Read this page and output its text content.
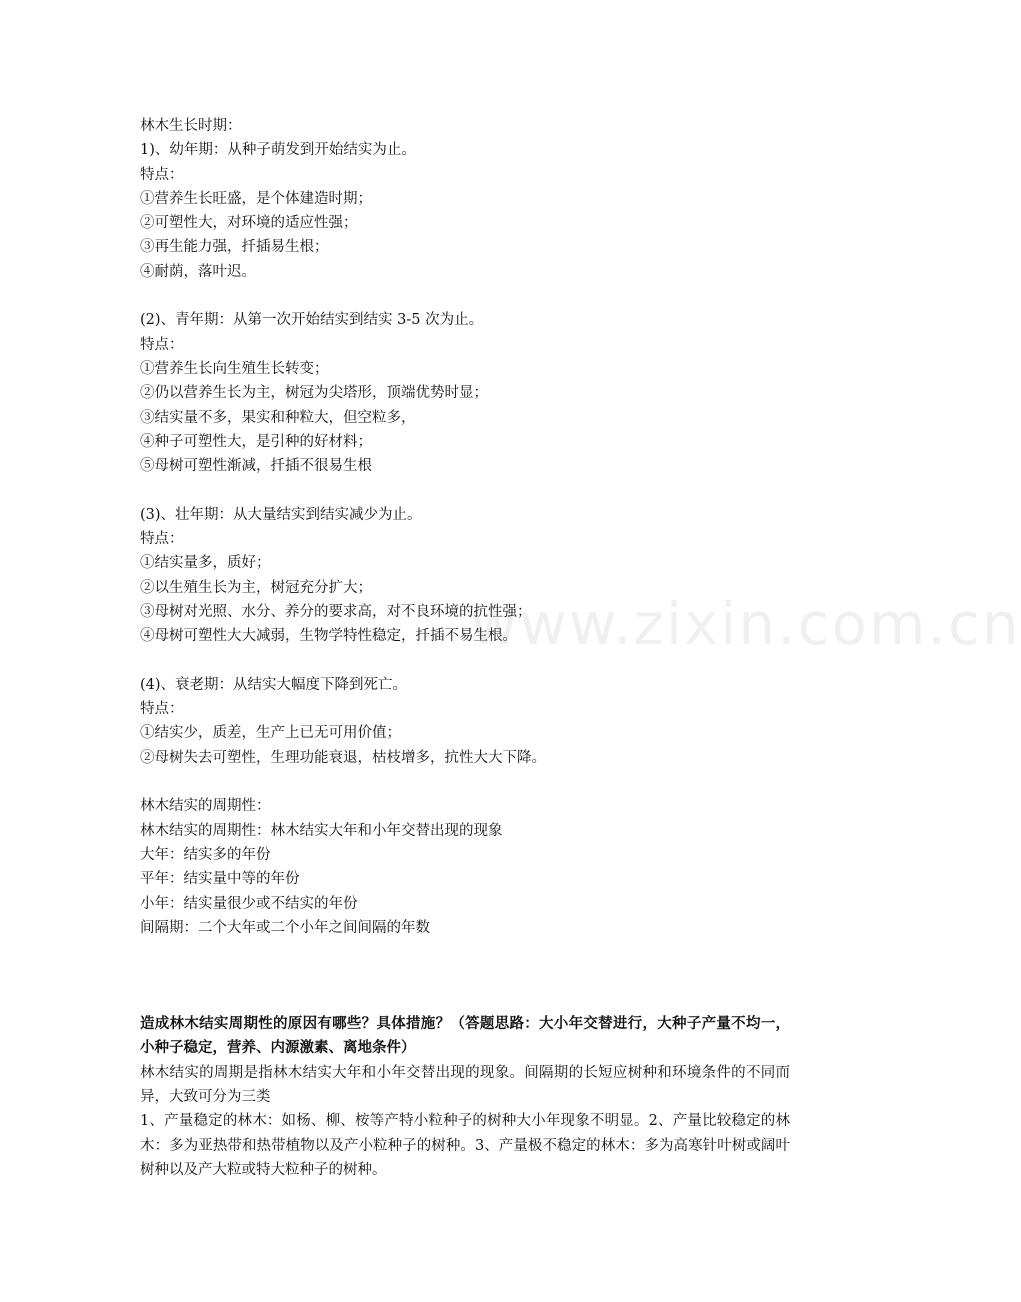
www.zixin.com.cn
林木生长时期：
1)、幼年期：从种子萌发到开始结实为止。
特点：
①营养生长旺盛，是个体建造时期；
②可塑性大，对环境的适应性强；
③再生能力强，扦插易生根；
④耐荫，落叶迟。
(2)、青年期：从第一次开始结实到结实 3-5 次为止。
特点：
①营养生长向生殖生长转变；
②仍以营养生长为主，树冠为尖塔形，顶端优势时显；
③结实量不多，果实和种粒大，但空粒多，
④种子可塑性大，是引种的好材料；
⑤母树可塑性渐减，扦插不很易生根
(3)、壮年期：从大量结实到结实减少为止。
特点：
①结实量多，质好；
②以生殖生长为主，树冠充分扩大；
③母树对光照、水分、养分的要求高，对不良环境的抗性强；
④母树可塑性大大减弱，生物学特性稳定，扦插不易生根。
(4)、衰老期：从结实大幅度下降到死亡。
特点：
①结实少，质差，生产上已无可用价值；
②母树失去可塑性，生理功能衰退，枯枝增多，抗性大大下降。
林木结实的周期性：
林木结实的周期性：林木结实大年和小年交替出现的现象
大年：结实多的年份
平年：结实量中等的年份
小年：结实量很少或不结实的年份
间隔期：二个大年或二个小年之间间隔的年数
造成林木结实周期性的原因有哪些？具体措施？（答题思路：大小年交替进行，大种子产量不均一，小种子稳定，营养、内源激素、离地条件）
林木结实的周期是指林木结实大年和小年交替出现的现象。间隔期的长短应树种和环境条件的不同而异，大致可分为三类
1、产量稳定的林木：如杨、柳、桉等产特小粒种子的树种大小年现象不明显。2、产量比较稳定的林木：多为亚热带和热带植物以及产小粒种子的树种。3、产量极不稳定的林木：多为高寒针叶树或阔叶树种以及产大粒或特大粒种子的树种。
